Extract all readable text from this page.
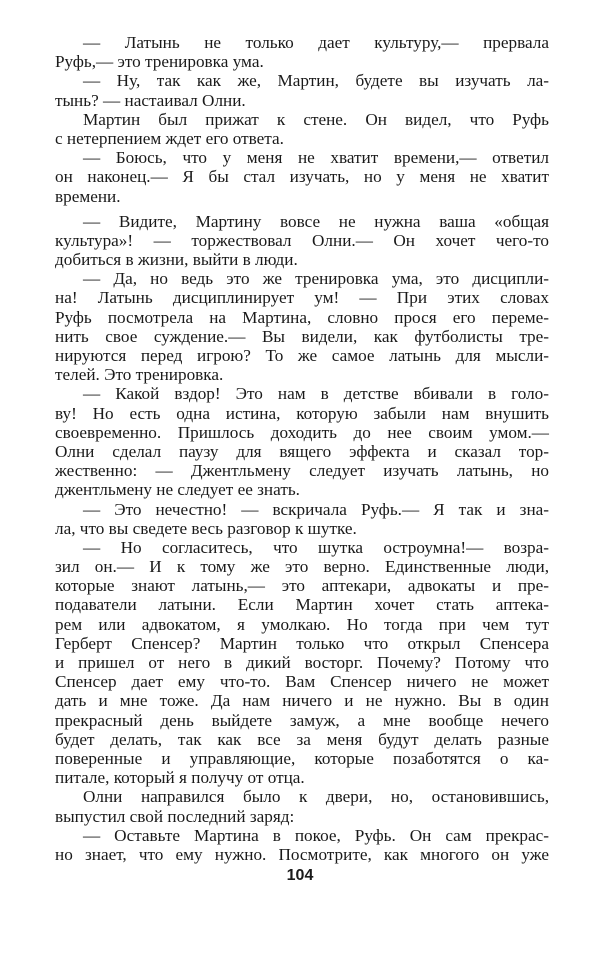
— Латынь не только дает культуру,— прервала
Руфь,— это тренировка ума.
— Ну, так как же, Мартин, будете вы изучать ла-
тынь? — настаивал Олни.
Мартин был прижат к стене. Он видел, что Руфь
с нетерпением ждет его ответа.
— Боюсь, что у меня не хватит времени,— ответил
он наконец.— Я бы стал изучать, но у меня не хватит
времени.
— Видите, Мартину вовсе не нужна ваша «общая
культура»! — торжествовал Олни.— Он хочет чего-то
добиться в жизни, выйти в люди.
— Да, но ведь это же тренировка ума, это дисципли-
на! Латынь дисциплинирует ум! — При этих словах
Руфь посмотрела на Мартина, словно прося его переме-
нить свое суждение.— Вы видели, как футболисты тре-
нируются перед игрою? То же самое латынь для мысли-
телей. Это тренировка.
— Какой вздор! Это нам в детстве вбивали в голо-
ву! Но есть одна истина, которую забыли нам внушить
своевременно. Пришлось доходить до нее своим умом.—
Олни сделал паузу для вящего эффекта и сказал тор-
жественно: — Джентльмену следует изучать латынь, но
джентльмену не следует ее знать.
— Это нечестно! — вскричала Руфь.— Я так и зна-
ла, что вы сведете весь разговор к шутке.
— Но согласитесь, что шутка остроумна!— возра-
зил он.— И к тому же это верно. Единственные люди,
которые знают латынь,— это аптекари, адвокаты и пре-
подаватели латыни. Если Мартин хочет стать аптека-
рем или адвокатом, я умолкаю. Но тогда при чем тут
Герберт Спенсер? Мартин только что открыл Спенсера
и пришел от него в дикий восторг. Почему? Потому что
Спенсер дает ему что-то. Вам Спенсер ничего не может
дать и мне тоже. Да нам ничего и не нужно. Вы в один
прекрасный день выйдете замуж, а мне вообще нечего
будет делать, так как все за меня будут делать разные
поверенные и управляющие, которые позаботятся о ка-
питале, который я получу от отца.
Олни направился было к двери, но, остановившись,
выпустил свой последний заряд:
— Оставьте Мартина в покое, Руфь. Он сам прекрас-
но знает, что ему нужно. Посмотрите, как многого он уже
104
